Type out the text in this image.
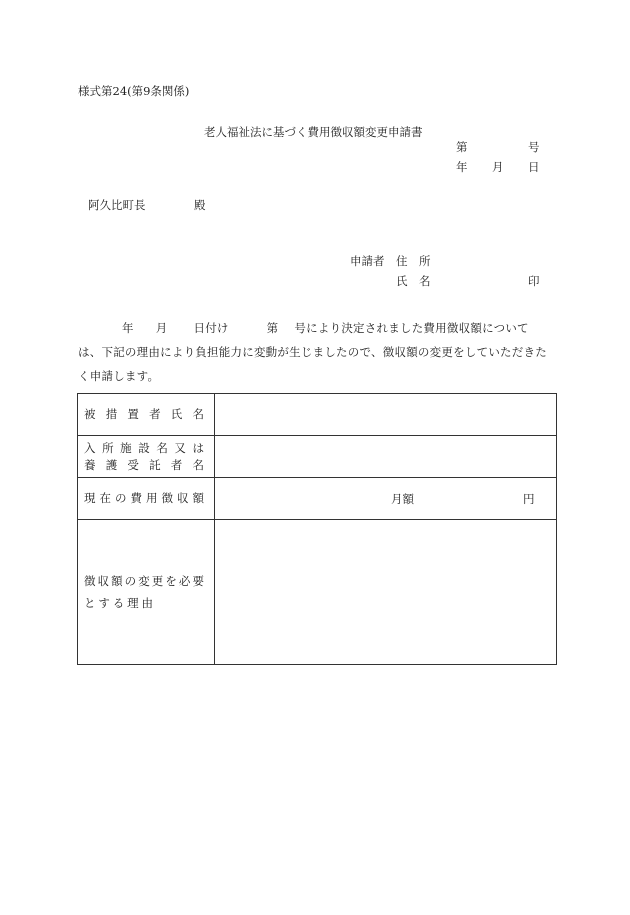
様式第24(第9条関係)
老人福祉法に基づく費用徴収額変更申請書
第	号
年 月 日
阿久比町長	殿
申請者 住　所
氏　名	印
年 月 日付け	第 号により決定されました費用徴収額について
は、下記の理由により負担能力に変動が生じましたので、徴収額の変更をしていただきた
く申請します。
被措置者氏名	

入所施設名又は
養護受託者名	

現在の費用徴収額	月額 円

徴収額の変更を必要
とする理由	
